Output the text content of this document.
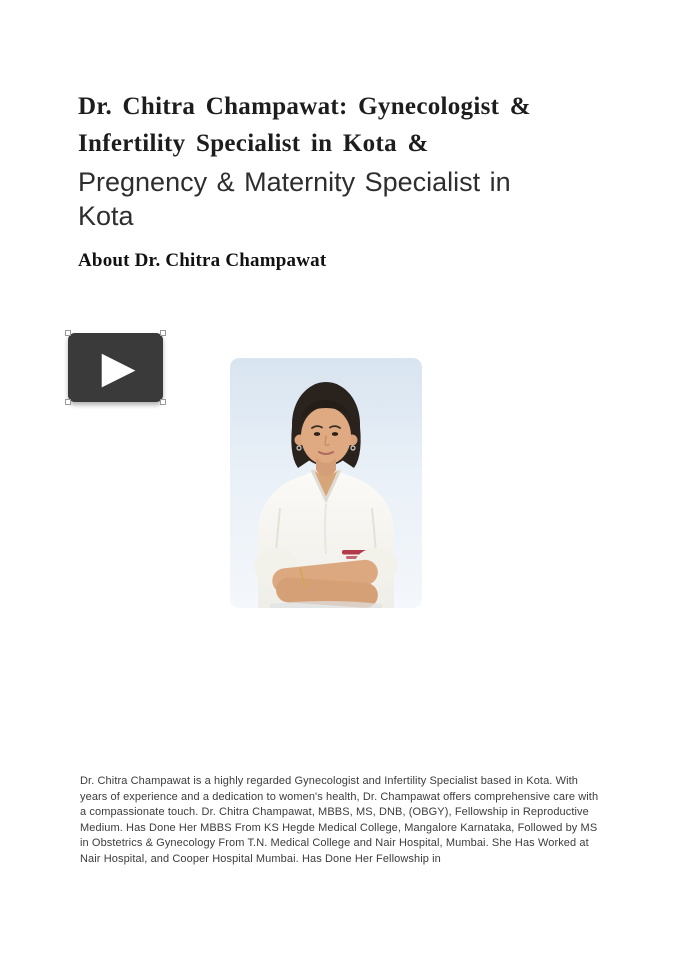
Dr. Chitra Champawat: Gynecologist &
Infertility Specialist in Kota &
Pregnency & Maternity Specialist in
Kota
About Dr. Chitra Champawat
▶
Dr. Chitra Champawat is a highly regarded Gynecologist and Infertility Specialist based in Kota. With years of experience and a dedication to women's health, Dr. Champawat offers comprehensive care with a compassionate touch. Dr. Chitra Champawat, MBBS, MS, DNB, (OBGY), Fellowship in Reproductive Medium. Has Done Her MBBS From KS Hegde Medical College, Mangalore Karnataka, Followed by MS in Obstetrics & Gynecology From T.N. Medical College and Nair Hospital, Mumbai. She Has Worked at Nair Hospital, and Cooper Hospital Mumbai. Has Done Her Fellowship in
